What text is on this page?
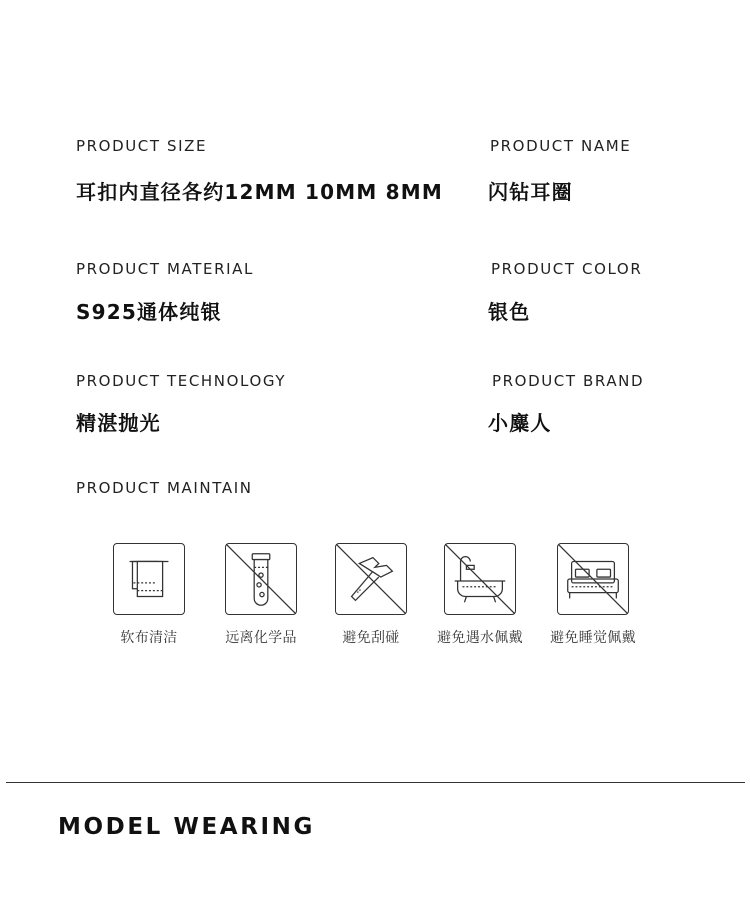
PRODUCT SIZE
耳扣内直径各约12MM 10MM 8MM
PRODUCT NAME
闪钻耳圈
PRODUCT MATERIAL
S925通体纯银
PRODUCT COLOR
银色
PRODUCT TECHNOLOGY
精湛抛光
PRODUCT BRAND
小麋人
PRODUCT MAINTAIN
软布清洁	远离化学品	避免刮碰	避免遇水佩戴	避免睡觉佩戴
MODEL WEARING
